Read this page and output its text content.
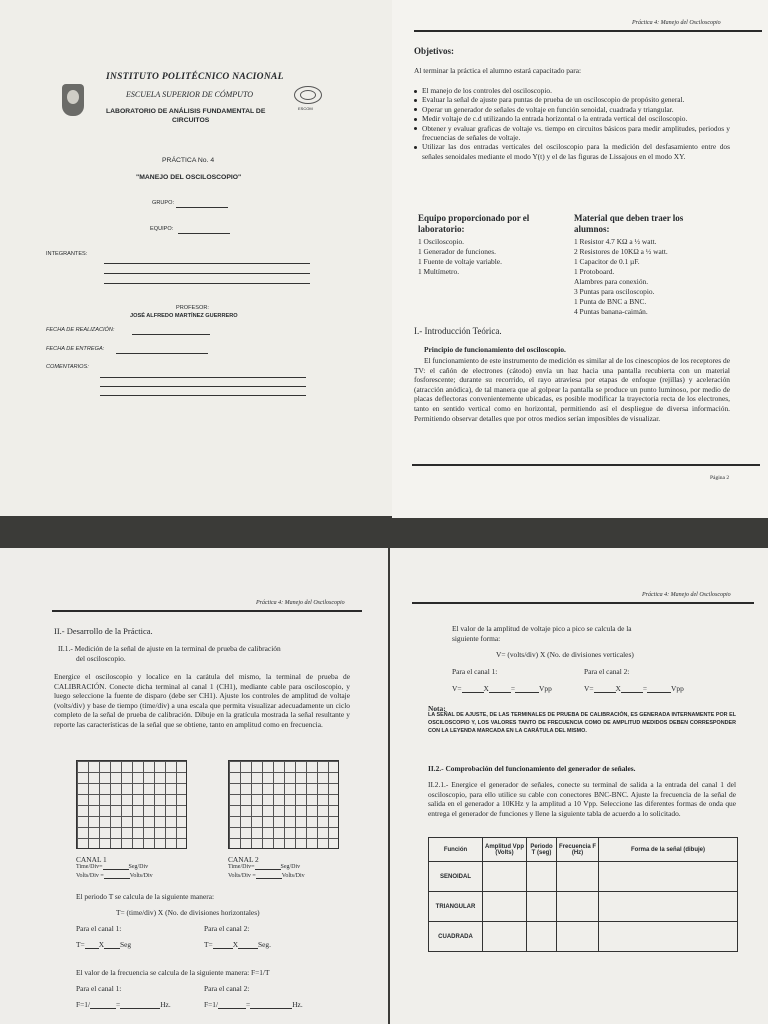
INSTITUTO POLITÉCNICO NACIONAL
ESCUELA SUPERIOR DE CÓMPUTO
LABORATORIO DE ANÁLISIS FUNDAMENTAL DE
CIRCUITOS
ESCOM
PRÁCTICA No. 4
"MANEJO DEL OSCILOSCOPIO"
GRUPO:
EQUIPO:
INTEGRANTES:
PROFESOR:
JOSÉ ALFREDO MARTÍNEZ GUERRERO
FECHA DE REALIZACIÓN:
FECHA DE ENTREGA:
COMENTARIOS:
Práctica 4: Manejo del Osciloscopio
Objetivos:
Al terminar la práctica el alumno estará capacitado para:
El manejo de los controles del osciloscopio.
Evaluar la señal de ajuste para puntas de prueba de un osciloscopio de propósito general.
Operar un generador de señales de voltaje en función senoidal, cuadrada y triangular.
Medir voltaje de c.d utilizando la entrada horizontal o la entrada vertical del osciloscopio.
Obtener y evaluar graficas de voltaje vs. tiempo en circuitos básicos para medir amplitudes, periodos y frecuencias de señales de voltaje.
Utilizar las dos entradas verticales del osciloscopio para la medición del desfasamiento entre dos señales senoidales mediante el modo Y(t) y el de las figuras de Lissajous en el modo XY.
Equipo proporcionado por el
laboratorio:
1 Osciloscopio.
1 Generador de funciones.
1 Fuente de voltaje variable.
1 Multímetro.
Material que deben traer los
alumnos:
1 Resistor 4.7 KΩ a ½ watt.
2 Resistores de 10KΩ a ½ watt.
1 Capacitor de 0.1 µF.
1 Protoboard.
Alambres para conexión.
3 Puntas para osciloscopio.
1 Punta de BNC a BNC.
4 Puntas banana-caimán.
I.- Introducción Teórica.
Principio de funcionamiento del osciloscopio.
El funcionamiento de este instrumento de medición es similar al de los cinescopios de los receptores de TV: el cañón de electrones (cátodo) envía un haz hacia una pantalla recubierta con un material fosforescente; durante su recorrido, el rayo atraviesa por etapas de enfoque (rejillas) y aceleración (atracción anódica), de tal manera que al golpear la pantalla se produce un punto luminoso, por medio de placas deflectoras convenientemente ubicadas, es posible modificar la trayectoria recta de los electrones, tanto en sentido vertical como en horizontal, permitiendo así el despliegue de diversa información. Permitiendo observar detalles que por otros medios serían imposibles de visualizar.
Página 2
Práctica 4: Manejo del Osciloscopio
II.- Desarrollo de la Práctica.
II.1.- Medición de la señal de ajuste en la terminal de prueba de calibración
del osciloscopio.
Energice el osciloscopio y localice en la carátula del mismo, la terminal de prueba de CALIBRACIÓN. Conecte dicha terminal al canal 1 (CH1), mediante cable para osciloscopio, y luego seleccione la fuente de disparo (debe ser CH1). Ajuste los controles de amplitud de voltaje (volts/div) y base de tiempo (time/div) a una escala que permita visualizar adecuadamente un ciclo completo de la señal de prueba de calibración. Dibuje en la gratícula mostrada la señal resultante y reporte las características de la señal que se obtiene, tanto en amplitud como en frecuencia.
CANAL 1
Time/Div=	Seg/Div
Volts/Div =	Volts/Div
CANAL 2
Time/Div=	Seg/Div
Volts/Div =	Volts/Div
El periodo T se calcula de la siguiente manera:
T= (time/div) X (No. de divisiones horizontales)
Para el canal 1:	Para el canal 2:
T= X Seg	T=	X	Seg.
El valor de la frecuencia se calcula de la siguiente manera: F=1/T
Para el canal 1:	Para el canal 2:
F=1/	=	Hz.	F=1/	=	Hz.
Práctica 4: Manejo del Osciloscopio
El valor de la amplitud de voltaje pico a pico se calcula de la
siguiente forma:
V= (volts/div) X (No. de divisiones verticales)
Para el canal 1:	Para el canal 2:
V=	X	=	Vpp	V=	X	=	Vpp
Nota:
LA SEÑAL DE AJUSTE, DE LAS TERMINALES DE PRUEBA DE CALIBRACIÓN, ES GENERADA INTERNAMENTE POR EL OSCILOSCOPIO Y, LOS VALORES TANTO DE FRECUENCIA COMO DE AMPLITUD MEDIDOS DEBEN CORRESPONDER CON LA LEYENDA MARCADA EN LA CARÁTULA DEL MISMO.
II.2.- Comprobación del funcionamiento del generador de señales.
II.2.1.- Energice el generador de señales, conecte su terminal de salida a la entrada del canal 1 del osciloscopio, para ello utilice su cable con conectores BNC-BNC. Ajuste la frecuencia de la señal de salida en el generador a 10KHz y la amplitud a 10 Vpp. Seleccione las diferentes formas de onda que entrega el generador de funciones y llene la siguiente tabla de acuerdo a lo solicitado.
Función	Amplitud Vpp (Volts)	Periodo T (seg)	Frecuencia F (Hz)	Forma de la señal (dibuje)
SENOIDAL				
TRIANGULAR				
CUADRADA				
